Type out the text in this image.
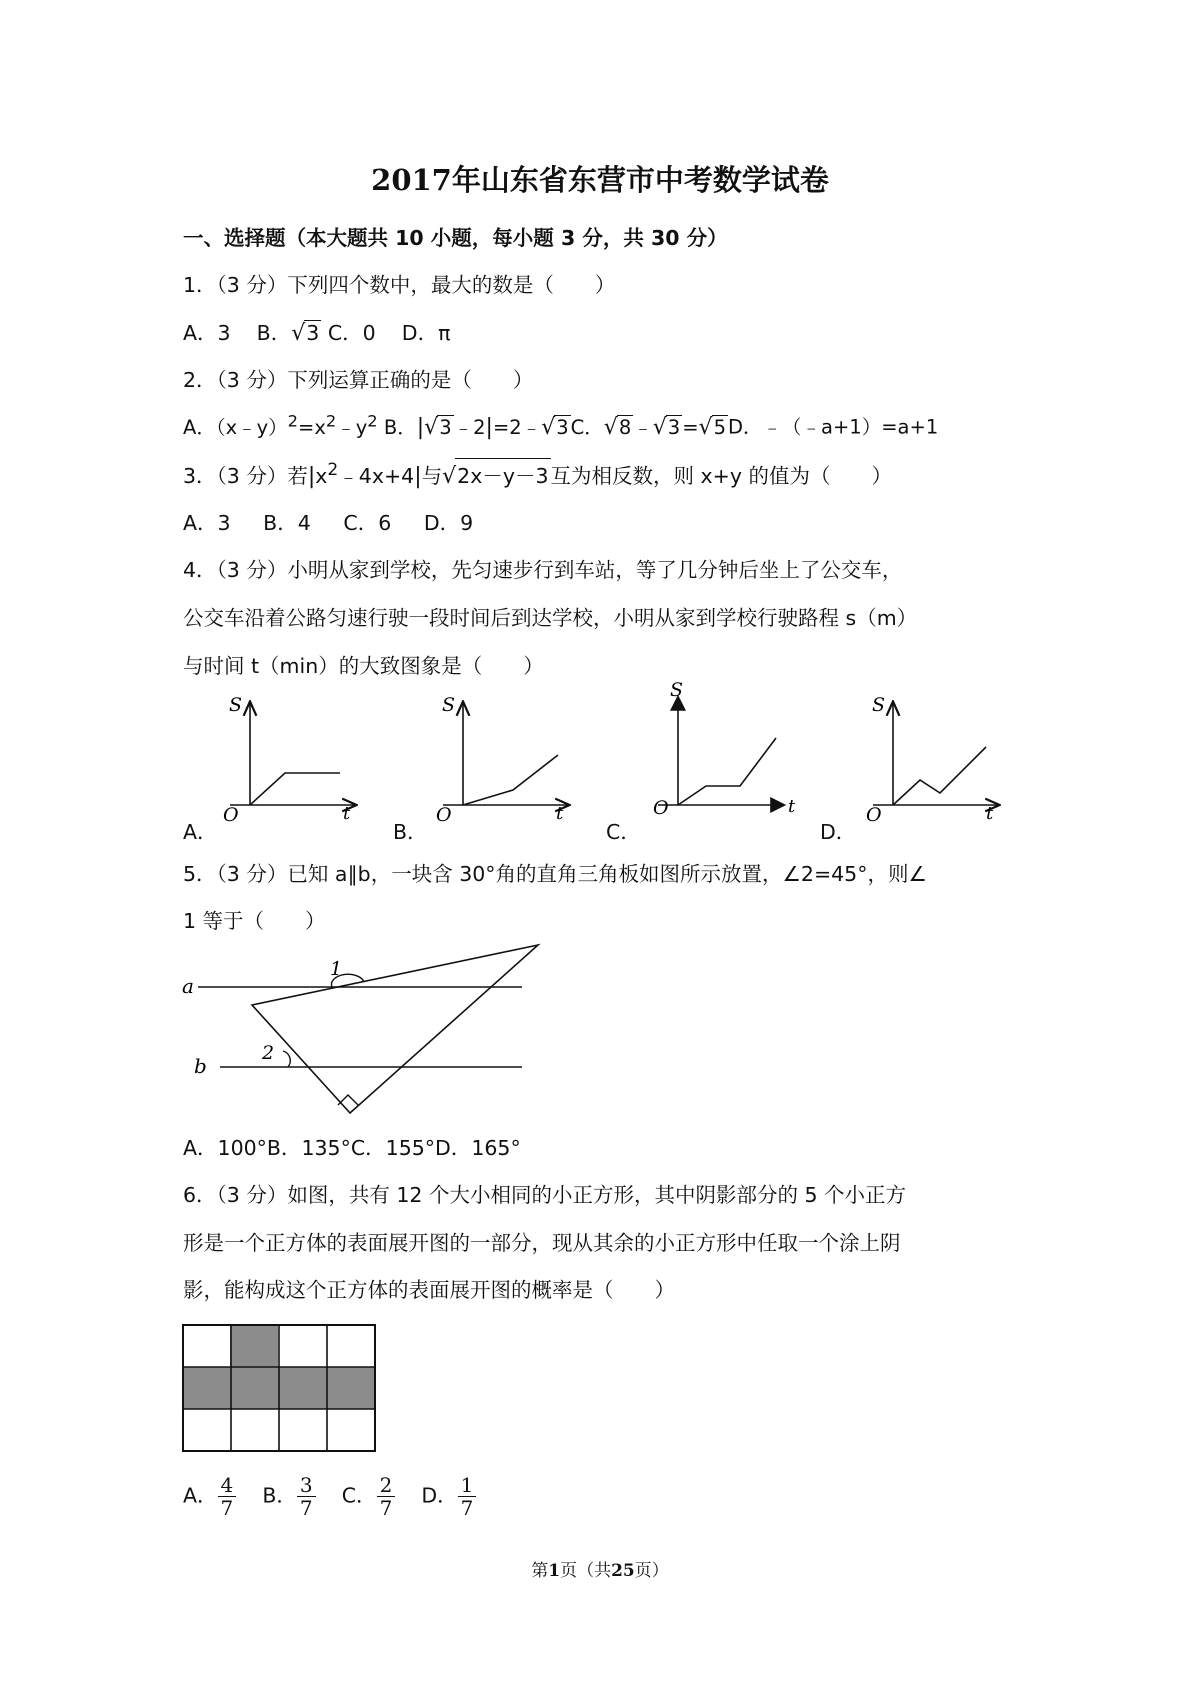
2017年山东省东营市中考数学试卷
一、选择题（本大题共 10 小题，每小题 3 分，共 30 分）
1．（3 分）下列四个数中，最大的数是（　　）
A．3 B．√3 C．0 D．π
2．（3 分）下列运算正确的是（　　）
A．$(x﹣y)^2=x^2﹣y^2$ B．|√3 ﹣2|=2﹣√3 C．√8 ﹣√3 =√5 D．﹣（﹣a+1）=a+1
3．（3 分）若$|x^2﹣4x+4|$与√2x－y－3互为相反数，则 x+y 的值为（　　）
A．3 B．4 C．6 D．9
4．（3 分）小明从家到学校，先匀速步行到车站，等了几分钟后坐上了公交车，
公交车沿着公路匀速行驶一段时间后到达学校，小明从家到学校行驶路程 s（m）
与时间 t（min）的大致图象是（　　）
A．	B．	C．	D．
S
t
O
S
t
O
S
t
O
S
t
O
5．（3 分）已知 a∥b，一块含 30°角的直角三角板如图所示放置，∠2=45°，则∠
1 等于（　　）
1
2
a
b
A．100°B．135°C．155°D．165°
6．（3 分）如图，共有 12 个大小相同的小正方形，其中阴影部分的 5 个小正方
形是一个正方体的表面展开图的一部分，现从其余的小正方形中任取一个涂上阴
影，能构成这个正方体的表面展开图的概率是（　　）
A． $\frac{4}{7}$ B． $\frac{3}{7}$ C． $\frac{2}{7}$ D． $\frac{1}{7}$
第1页（共25页）
